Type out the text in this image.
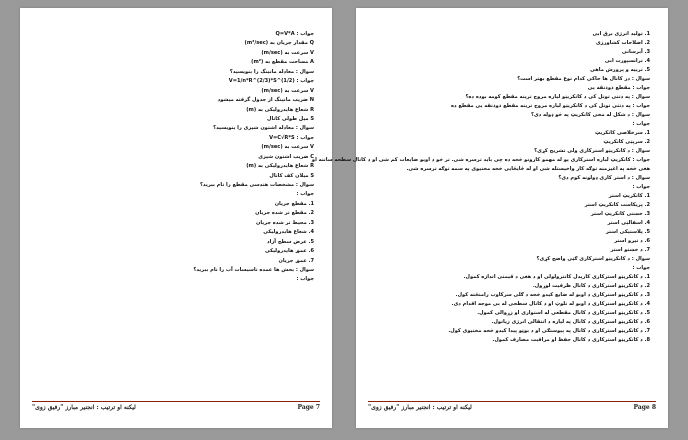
جواب : Q=V*A
Q مقدار جریان به (m³/sec)
V سرعت به (m/sec)
A مساحت مقطع به (m²)
سوال : معادله مانینگ را بنویسید؟
جواب : V=1/n*R^(2/3)*S^(1/2)
V سرعت به (m/sec)
N ضریب مانینگ از جدول گرفته میشود
R شعاع هایدرولیکی به (m)
S میل طولی کانال
سوال : معادله اشتون شیزی را بنویسید؟
جواب : V=C√R*S
V سرعت به (m/sec)
C ضریب اشتون شیزی
R شعاع هایدرولیکی به (m)
S میلان کف کانال
سوال : مشخصات هندسی مقطع را نام ببرید؟
جواب :
1. مقطع جریان
2. مقطع تر شده جریان
3. محیط تر شده جریان
4. شعاع هایدرولیکی
5. عرض سطح آزاد
6. عمق هایدرولیکی
7. عمق جریان
سوال : بخش ها عمده تاسیسات آب را نام ببرید؟
جواب :
لیکنه او ترتیب : انجنیر مبارز "رفیق زوی"	Page 7
1. تولید انرژی برق ابی
2. اصلاحات کشاورزی
3. آبرسانی
4. ترانسپورت ابی
5. تربیه و پرورش ماهی
سوال : در کانال ها خاکی کدام نوع مقطع بهتر است؟
جواب : مقطع ذوذنقه یی
سوال : په دتنی تونل کی د کانکریټو لیاره مروج ترینه مقطع کومه بوده ده؟
جواب : په دتنی تونل کی د کانکریټو لیاره مروج ترینه مقطع ذوذنقه یی مقطع ده
سوال : د شکل له مخی کانکریټ په څو ډوله دی؟
جواب :
1. سرخلاصی کانکریټ
2. سرپټی کانکریټ
سوال : د کانکریټو استرکاری ولی تشریح کړی؟
جواب : کانکریټ لیاره استرکاری یو له مهمو کارونو څخه ده چی باید ترسره شی. تر څو د اوبو ضایعات کم شی او د کانال سطحه ساتنه او
هغی څخه په اغیزمنه توګه کار واخیستله شی او له ځایځایی څخه مخنیوی په سمه توګه ترسره شی.
سوال : د استر کاری ډولونه کوم دی؟
جواب :
1. کانکریټ استر
2. پریکاست کانکریټ استر
3. خښتی کانکریټ استر
4. اسفالټی استر
5. پلاستیکی استر
6. د تیږو استر
7. د خښتو استر
سوال : د کانکریټو استرکاری ګټی واضح کړی؟
جواب :
1. د کانکریټو استرکاری کارېدل کانترولولی او د هغی د قیمتی اندازه کمول.
2. د کانکریټو استرکاری د کانال ظرفیت لوړول.
3. د کانکریټو استرکاری د اوبو له ضایع کیدو څخه د ګلی سرکاوب رامنځته کول.
4. د کانکریټو استرکاری د اوبو له تلوټ او د کانال سطحی له بی موجه اقدام دی.
5. د کانکریټو استرکاری د کانال مقطعی له استواری او زړوالی کمول.
6. د کانکریټو استرکاری د کانال په لیاره د انتقالی انرژی زیاتول.
7. د کانکریټو استرکاری د کانال په پیوستګی او د بوټو پیدا کیدو څخه مخنیوی کول.
8. د کانکریټو استرکاری د کانال حفظ او مراقبت مصارف کمول.
لیکنه او ترتیب : انجنیر مبارز "رفیق زوی"	Page 8
